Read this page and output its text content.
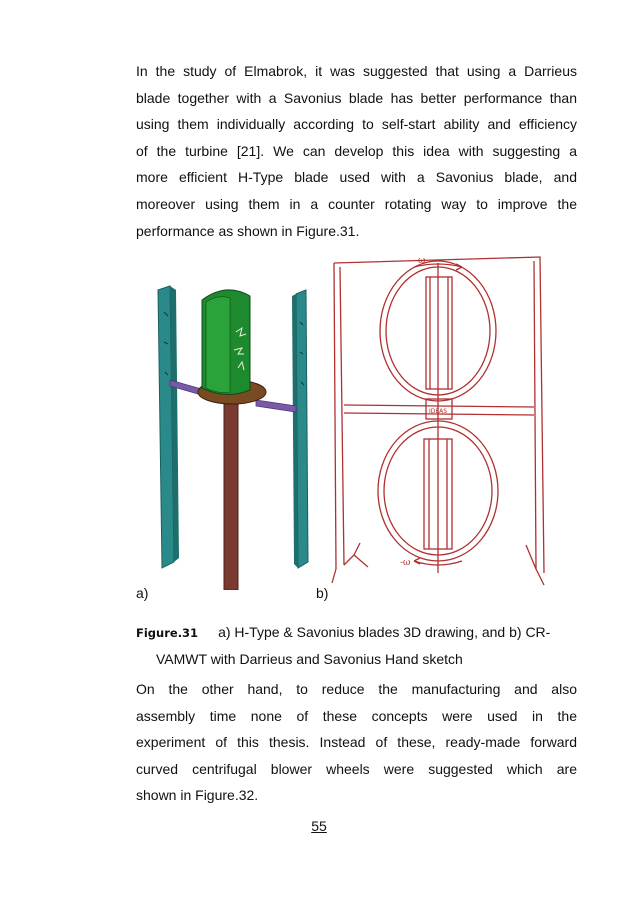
In the study of Elmabrok, it was suggested that using a Darrieus
blade together with a Savonius blade has better performance than
using them individually according to self-start ability and efficiency
of the turbine [21]. We can develop this idea with suggesting a
more efficient H-Type blade used with a Savonius blade, and
moreover using them in a counter rotating way to improve the
performance as shown in Figure.31.
ω
-ω
IDEAS
a)	b)
Figure.31 a) H-Type & Savonius blades 3D drawing, and b) CR-
VAMWT with Darrieus and Savonius Hand sketch
On the other hand, to reduce the manufacturing and also
assembly time none of these concepts were used in the
experiment of this thesis. Instead of these, ready-made forward
curved centrifugal blower wheels were suggested which are
shown in Figure.32.
55
